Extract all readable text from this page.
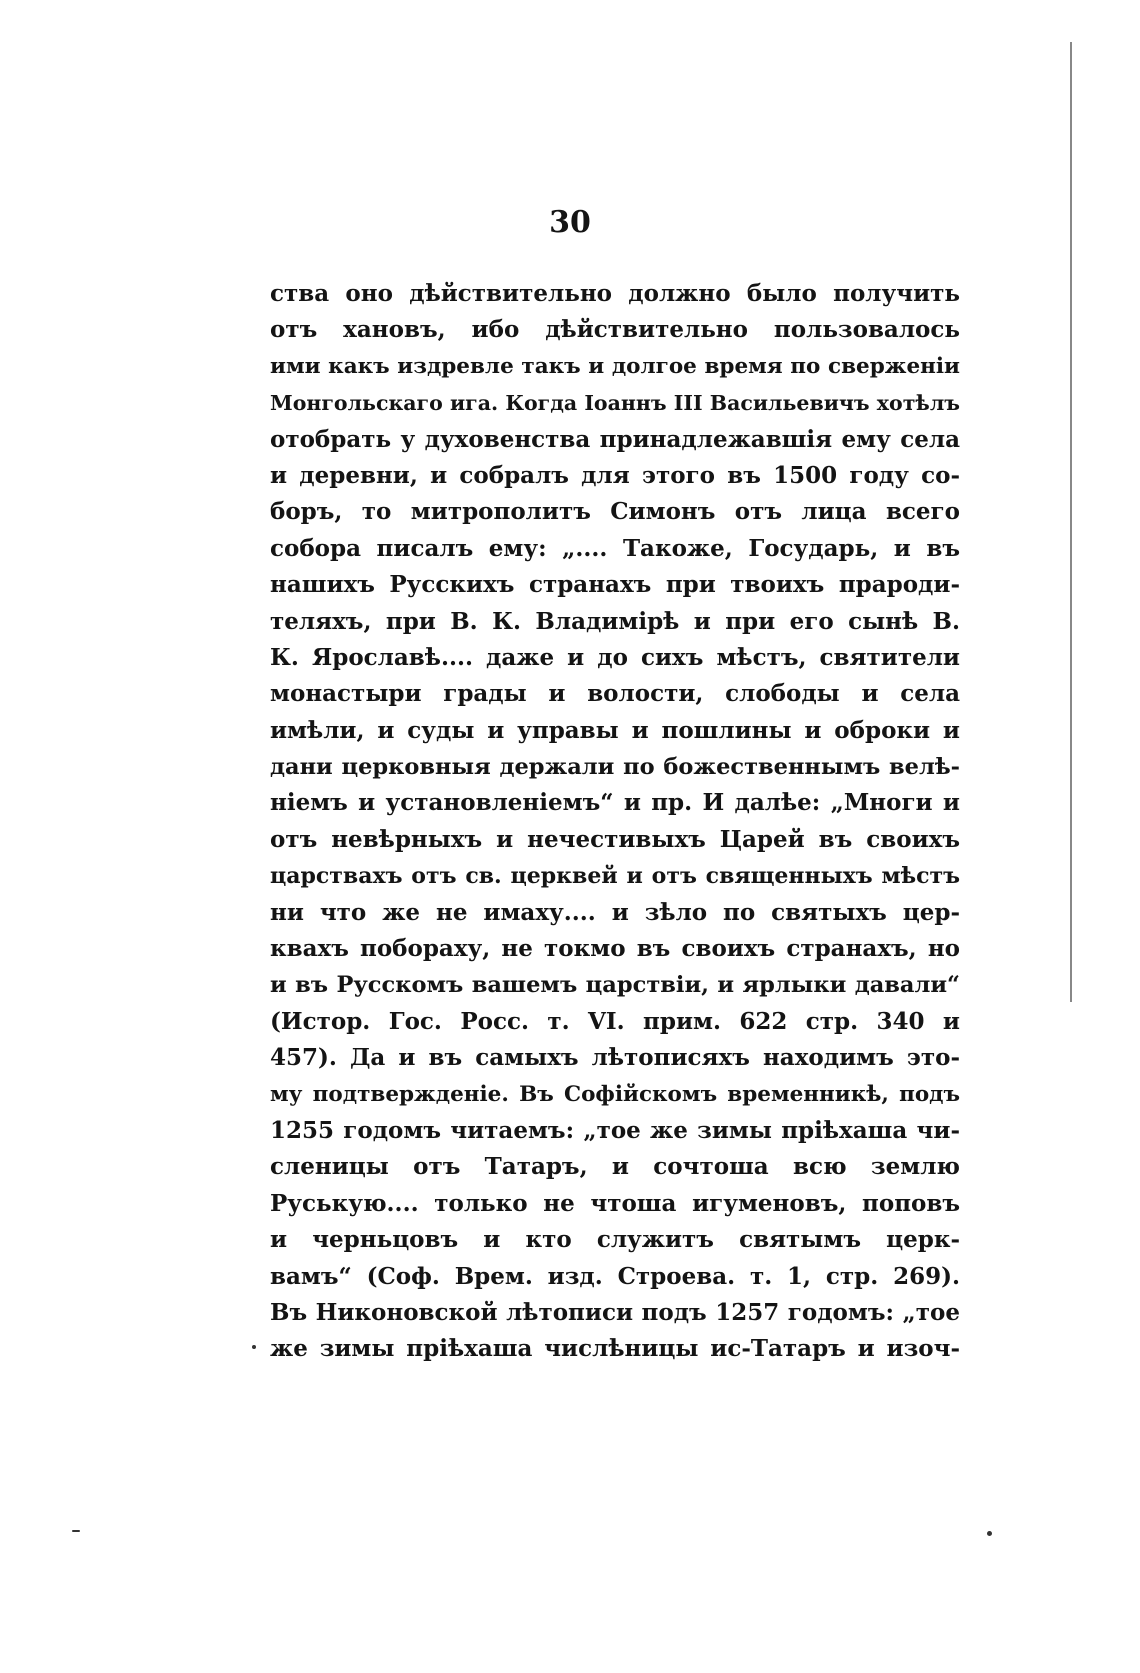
30
ства оно дѣйствительно должно было получить
отъ хановъ, ибо дѣйствительно пользовалось
ими какъ издревле такъ и долгое время по сверженіи
Монгольскаго ига. Когда Іоаннъ ІІІ Васильевичъ хотѣлъ
отобрать у духовенства принадлежавшія ему села
и деревни, и собралъ для этого въ 1500 году со-
боръ, то митрополитъ Симонъ отъ лица всего
собора писалъ ему: „.... Такоже, Государь, и въ
нашихъ Русскихъ странахъ при твоихъ прароди-
теляхъ, при В. К. Владимірѣ и при его сынѣ В.
К. Ярославѣ.... даже и до сихъ мѣстъ, святители
монастыри грады и волости, слободы и села
имѣли, и суды и управы и пошлины и оброки и
дани церковныя держали по божественнымъ велѣ-
ніемъ и установленіемъ“ и пр. И далѣе: „Многи и
отъ невѣрныхъ и нечестивыхъ Царей въ своихъ
царствахъ отъ св. церквей и отъ священныхъ мѣстъ
ни что же не имаху.... и зѣло по святыхъ цер-
квахъ побораху, не токмо въ своихъ странахъ, но
и въ Русскомъ вашемъ царствіи, и ярлыки давали“
(Истор. Гос. Росс. т. VI. прим. 622 стр. 340 и
457). Да и въ самыхъ лѣтописяхъ находимъ это-
му подтвержденіе. Въ Софійскомъ временникѣ, подъ
1255 годомъ читаемъ: „тое же зимы пріѣхаша чи-
сленицы отъ Татаръ, и сочтоша всю землю
Руськую.... только не чтоша игуменовъ, поповъ
и черньцовъ и кто служитъ святымъ церк-
вамъ“ (Соф. Врем. изд. Строева. т. 1, стр. 269).
Въ Никоновской лѣтописи подъ 1257 годомъ: „тое
же зимы пріѣхаша числѣницы ис-Татаръ и изоч-
